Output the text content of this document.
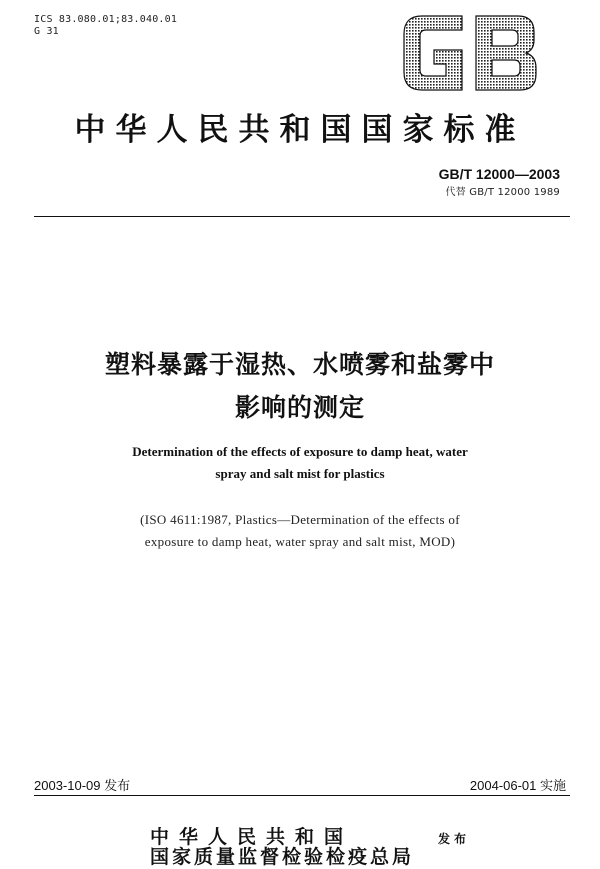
ICS 83.080.01;83.040.01
G 31
中华人民共和国国家标准
GB/T 12000—2003
代替 GB/T 12000 1989
塑料暴露于湿热、水喷雾和盐雾中
影响的测定
Determination of the effects of exposure to damp heat, water
spray and salt mist for plastics
(ISO 4611:1987, Plastics—Determination of the effects of
exposure to damp heat, water spray and salt mist, MOD)
2003-10-09 发布	2004-06-01 实施
中华人民共和国
国家质量监督检验检疫总局
发布
